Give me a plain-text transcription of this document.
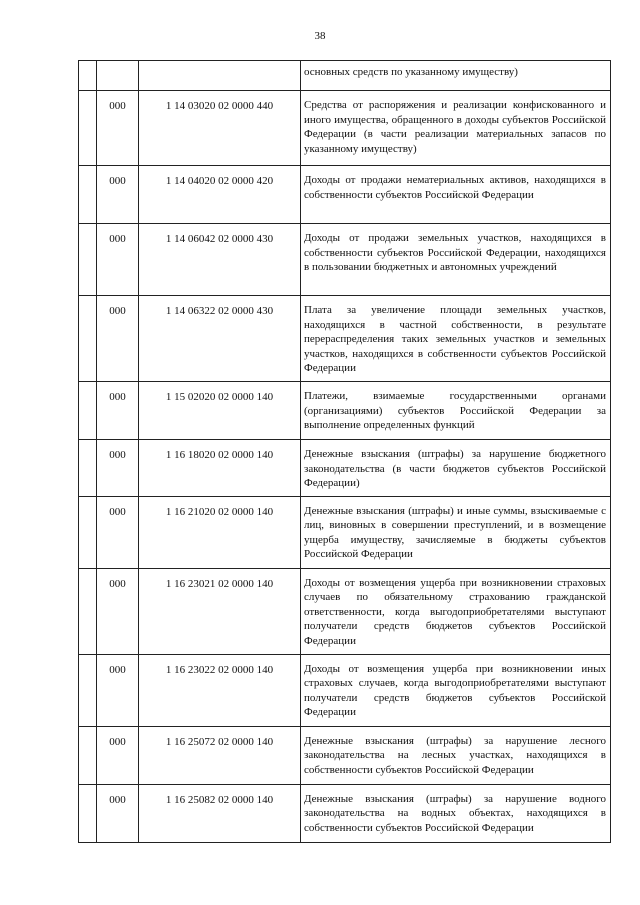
38
			основных средств по указанному имуществу)
	000	1 14 03020 02 0000 440	Средства от распоряжения и реализации конфискованного и иного имущества, обращенного в доходы субъектов Российской Федерации (в части реализации материальных запасов по указанному имуществу)
	000	1 14 04020 02 0000 420	Доходы от продажи нематериальных активов, находящихся в собственности субъектов Российской Федерации
	000	1 14 06042 02 0000 430	Доходы от продажи земельных участков, находящихся в собственности субъектов Российской Федерации, находящихся в пользовании бюджетных и автономных учреждений
	000	1 14 06322 02 0000 430	Плата за увеличение площади земельных участков, находящихся в частной собственности, в результате перераспределения таких земельных участков и земельных участков, находящихся в собственности субъектов Российской Федерации
	000	1 15 02020 02 0000 140	Платежи, взимаемые государственными органами (организациями) субъектов Российской Федерации за выполнение определенных функций
	000	1 16 18020 02 0000 140	Денежные взыскания (штрафы) за нарушение бюджетного законодательства (в части бюджетов субъектов Российской Федерации)
	000	1 16 21020 02 0000 140	Денежные взыскания (штрафы) и иные суммы, взыскиваемые с лиц, виновных в совершении преступлений, и в возмещение ущерба имуществу, зачисляемые в бюджеты субъектов Российской Федерации
	000	1 16 23021 02 0000 140	Доходы от возмещения ущерба при возникновении страховых случаев по обязательному страхованию гражданской ответственности, когда выгодоприобретателями выступают получатели средств бюджетов субъектов Российской Федерации
	000	1 16 23022 02 0000 140	Доходы от возмещения ущерба при возникновении иных страховых случаев, когда выгодоприобретателями выступают получатели средств бюджетов субъектов Российской Федерации
	000	1 16 25072 02 0000 140	Денежные взыскания (штрафы) за нарушение лесного законодательства на лесных участках, находящихся в собственности субъектов Российской Федерации
	000	1 16 25082 02 0000 140	Денежные взыскания (штрафы) за нарушение водного законодательства на водных объектах, находящихся в собственности субъектов Российской Федерации
